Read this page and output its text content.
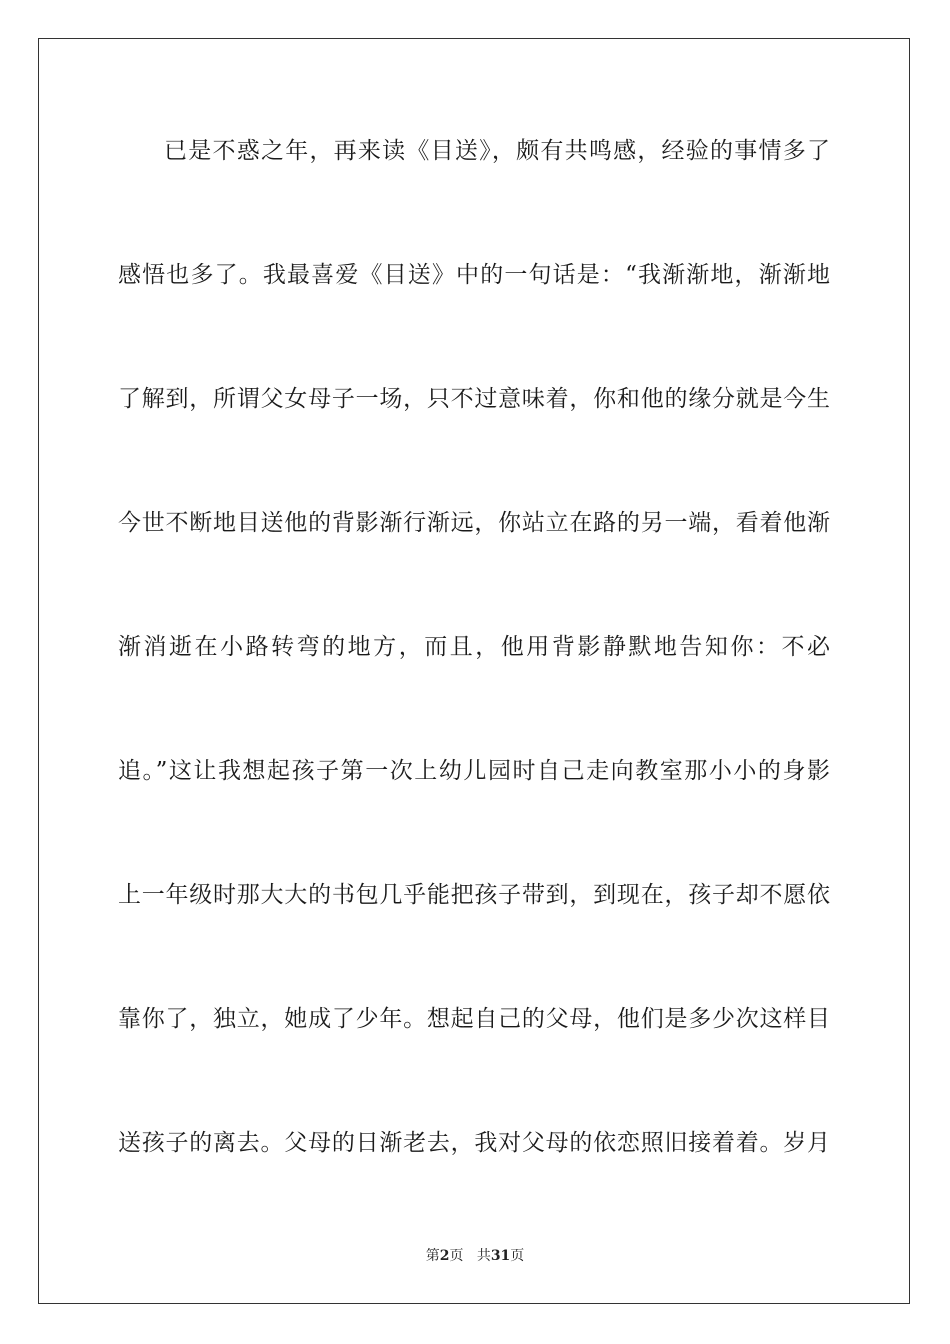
已是不惑之年，再来读《目送》，颇有共鸣感，经验的事情多了
感悟也多了。我最喜爱《目送》中的一句话是：“我渐渐地，渐渐地
了解到，所谓父女母子一场，只不过意味着，你和他的缘分就是今生
今世不断地目送他的背影渐行渐远，你站立在路的另一端，看着他渐
渐消逝在小路转弯的地方，而且，他用背影静默地告知你：不必
追。”这让我想起孩子第一次上幼儿园时自己走向教室那小小的身影
上一年级时那大大的书包几乎能把孩子带到，到现在，孩子却不愿依
靠你了，独立，她成了少年。想起自己的父母，他们是多少次这样目
送孩子的离去。父母的日渐老去，我对父母的依恋照旧接着着。岁月
第2页 共31页
